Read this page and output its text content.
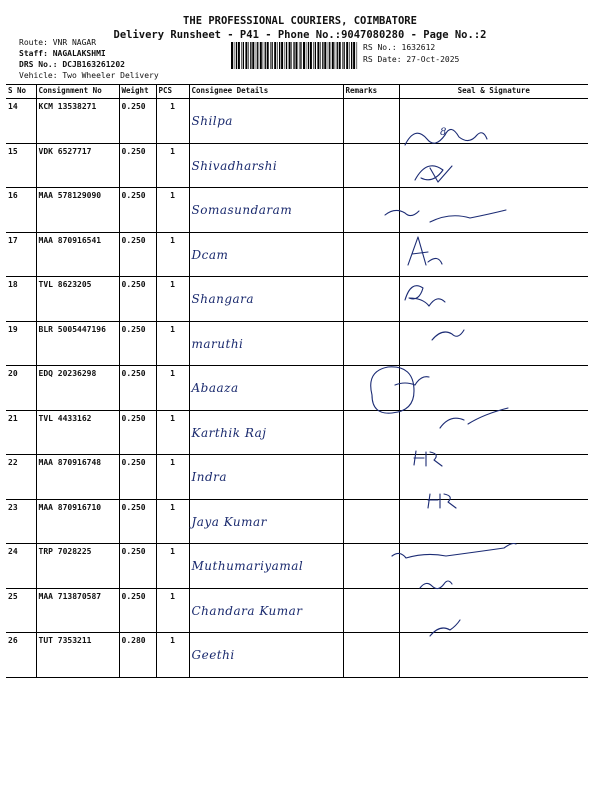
THE PROFESSIONAL COURIERS, COIMBATORE
Delivery Runsheet - P41 - Phone No.:9047080280 - Page No.:2
Route: VNR NAGAR
Staff: NAGALAKSHMI
DRS No.: DCJB163261202
Vehicle: Two Wheeler Delivery
RS No.: 1632612
RS Date: 27-Oct-2025
S No	Consignment No	Weight	PCS	Consignee Details	Remarks	Seal & Signature
14	KCM 13538271	0.250	1	Shilpa		

15	VDK 6527717	0.250	1	Shivadharshi		

16	MAA 578129090	0.250	1	Somasundaram		

17	MAA 870916541	0.250	1	Dcam		

18	TVL 8623205	0.250	1	Shangara		

19	BLR 5005447196	0.250	1	maruthi		

20	EDQ 20236298	0.250	1	Abaaza		

21	TVL 4433162	0.250	1	Karthik Raj		

22	MAA 870916748	0.250	1	Indra		

23	MAA 870916710	0.250	1	Jaya Kumar		

24	TRP 7028225	0.250	1	Muthumariyamal		

25	MAA 713870587	0.250	1	Chandara Kumar		

26	TUT 7353211	0.280	1	Geethi		

8
